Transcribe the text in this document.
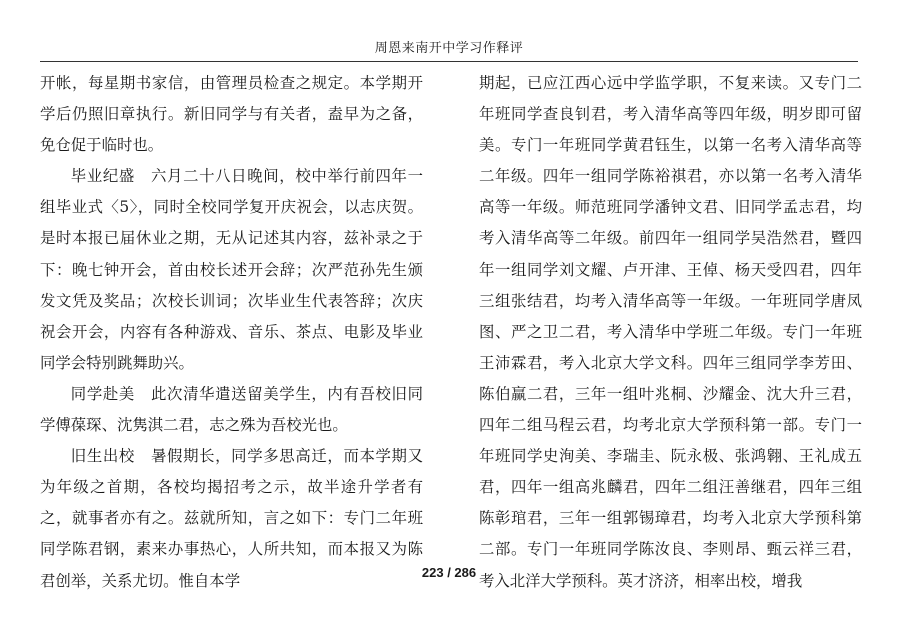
周恩来南开中学习作释评

开帐，每星期书家信，由管理员检查之规定。本学期开学后仍照旧章执行。新旧同学与有关者，盍早为之备，免仓促于临时也。

毕业纪盛　六月二十八日晚间，校中举行前四年一组毕业式〈5〉，同时全校同学复开庆祝会，以志庆贺。是时本报已届休业之期，无从记述其内容，兹补录之于下：晚七钟开会，首由校长述开会辞；次严范孙先生颁发文凭及奖品；次校长训词；次毕业生代表答辞；次庆祝会开会，内容有各种游戏、音乐、茶点、电影及毕业同学会特别跳舞助兴。

同学赴美　此次清华遣送留美学生，内有吾校旧同学傅葆琛、沈隽淇二君，志之殊为吾校光也。

旧生出校　暑假期长，同学多思高迁，而本学期又为年级之首期，各校均揭招考之示，故半途升学者有之，就事者亦有之。兹就所知，言之如下：专门二年班同学陈君钢，素来办事热心，人所共知，而本报又为陈君创举，关系尤切。惟自本学

期起，已应江西心远中学监学职，不复来读。又专门二年班同学查良钊君，考入清华高等四年级，明岁即可留美。专门一年班同学黄君钰生，以第一名考入清华高等二年级。四年一组同学陈裕祺君，亦以第一名考入清华高等一年级。师范班同学潘钟文君、旧同学孟志君，均考入清华高等二年级。前四年一组同学吴浩然君，暨四年一组同学刘文耀、卢开津、王倬、杨天受四君，四年三组张结君，均考入清华高等一年级。一年班同学唐凤图、严之卫二君，考入清华中学班二年级。专门一年班王沛霖君，考入北京大学文科。四年三组同学李芳田、陈伯赢二君，三年一组叶兆桐、沙耀金、沈大升三君，四年二组马程云君，均考北京大学预科第一部。专门一年班同学史洵美、李瑞圭、阮永极、张鸿翱、王礼成五君，四年一组高兆麟君，四年二组汪善继君，四年三组陈彰琯君，三年一组郭锡璋君，均考入北京大学预科第二部。专门一年班同学陈汝良、李则昂、甄云祥三君，考入北洋大学预科。英才济济，相率出校，增我

223 / 286
